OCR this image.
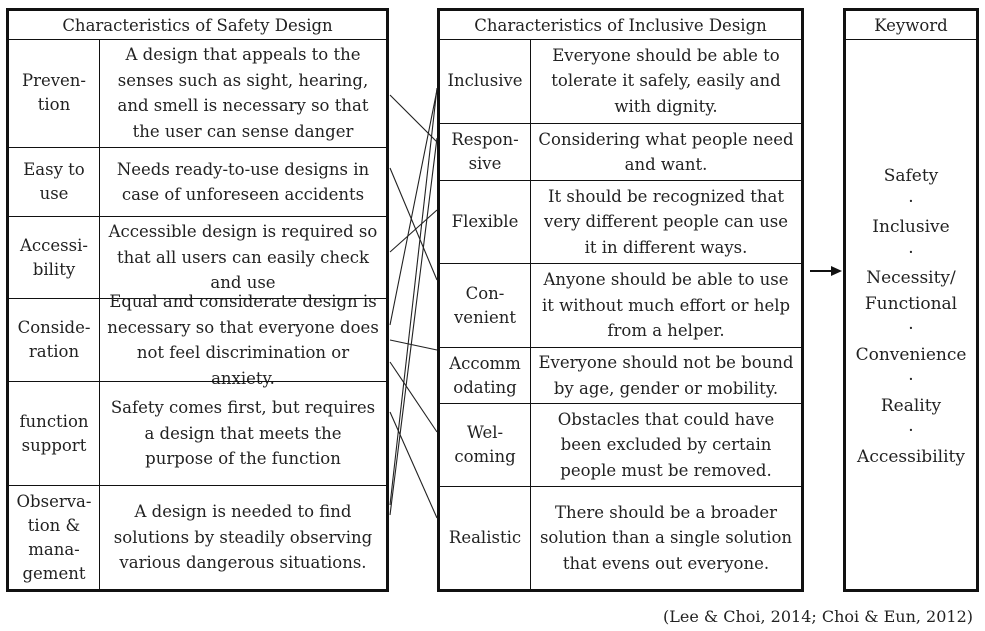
Characteristics of Safety Design
Preven-
tion
A design that appeals to the
senses such as sight, hearing,
and smell is necessary so that
the user can sense danger
Easy to
use
Needs ready-to-use designs in
case of unforeseen accidents
Accessi-
bility
Accessible design is required so
that all users can easily check
and use
Conside-
ration
Equal and considerate design is
necessary so that everyone does
not feel discrimination or anxiety.
function
support
Safety comes first, but requires
a design that meets the
purpose of the function
Observa-
tion &
mana-
gement
A design is needed to find
solutions by steadily observing
various dangerous situations.
Characteristics of Inclusive Design
Inclusive
Everyone should be able to
tolerate it safely, easily and
with dignity.
Respon-
sive
Considering what people need
and want.
Flexible
It should be recognized that
very different people can use
it in different ways.
Con-
venient
Anyone should be able to use
it without much effort or help
from a helper.
Accomm
odating
Everyone should not be bound
by age, gender or mobility.
Wel-
coming
Obstacles that could have
been excluded by certain
people must be removed.
Realistic
There should be a broader
solution than a single solution
that evens out everyone.
Keyword
Safety
·
Inclusive
·
Necessity/
Functional
·
Convenience
·
Reality
·
Accessibility
(Lee & Choi, 2014; Choi & Eun, 2012)
